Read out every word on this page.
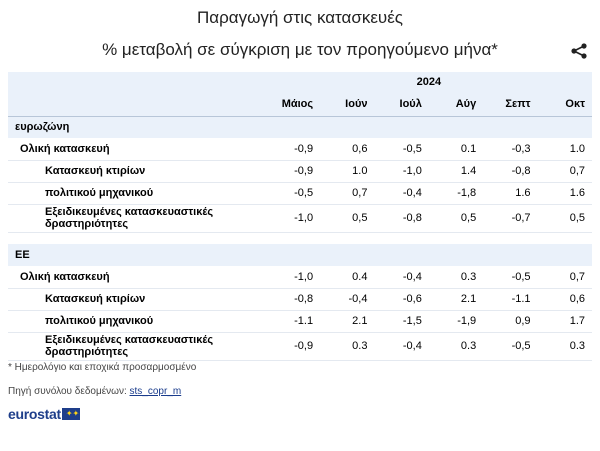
Παραγωγή στις κατασκευές
% μεταβολή σε σύγκριση με τον προηγούμενο μήνα*
	2024					
	Μάιος	Ιούν	Ιούλ	Αύγ	Σεπτ	Οκτ
ευρωζώνη						
Ολική κατασκευή	-0,9	0,6	-0,5	0.1	-0,3	1.0
Κατασκευή κτιρίων	-0,9	1.0	-1,0	1.4	-0,8	0,7
πολιτικού μηχανικού	-0,5	0,7	-0,4	-1,8	1.6	1.6
Εξειδικευμένες κατασκευαστικές δραστηριότητες	-1,0	0,5	-0,8	0,5	-0,7	0,5

ΕΕ						
Ολική κατασκευή	-1,0	0.4	-0,4	0.3	-0,5	0,7
Κατασκευή κτιρίων	-0,8	-0,4	-0,6	2.1	-1.1	0,6
πολιτικού μηχανικού	-1.1	2.1	-1,5	-1,9	0,9	1.7
Εξειδικευμένες κατασκευαστικές δραστηριότητες	-0,9	0.3	-0,4	0.3	-0,5	0.3
* Ημερολόγιο και εποχικά προσαρμοσμένο
Πηγή συνόλου δεδομένων: sts_copr_m
eurostat ✦✦
